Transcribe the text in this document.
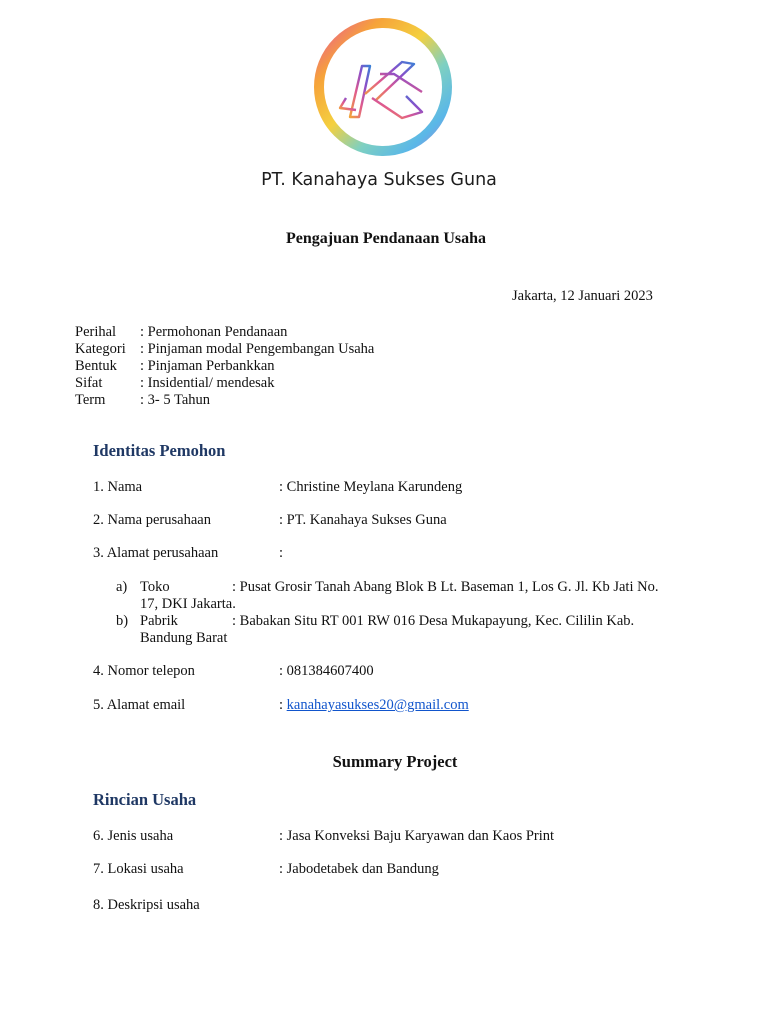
PT. Kanahaya Sukses Guna
Pengajuan Pendanaan Usaha
Jakarta, 12 Januari 2023
Perihal	: Permohonan Pendanaan
Kategori : Pinjaman modal Pengembangan Usaha
Bentuk	: Pinjaman Perbankkan
Sifat	: Insidential/ mendesak
Term	: 3- 5 Tahun
Identitas Pemohon
1. Nama	: Christine Meylana Karundeng
2. Nama perusahaan	: PT. Kanahaya Sukses Guna
3. Alamat perusahaan	:
a) Toko	: Pusat Grosir Tanah Abang Blok B Lt. Baseman 1, Los G. Jl. Kb Jati No.
17, DKI Jakarta.
b) Pabrik	: Babakan Situ RT 001 RW 016 Desa Mukapayung, Kec. Cililin Kab.
Bandung Barat
4. Nomor telepon	: 081384607400
5. Alamat email	: kanahayasukses20@gmail.com
Summary Project
Rincian Usaha
6. Jenis usaha	: Jasa Konveksi Baju Karyawan dan Kaos Print
7. Lokasi usaha	: Jabodetabek dan Bandung
8. Deskripsi usaha
